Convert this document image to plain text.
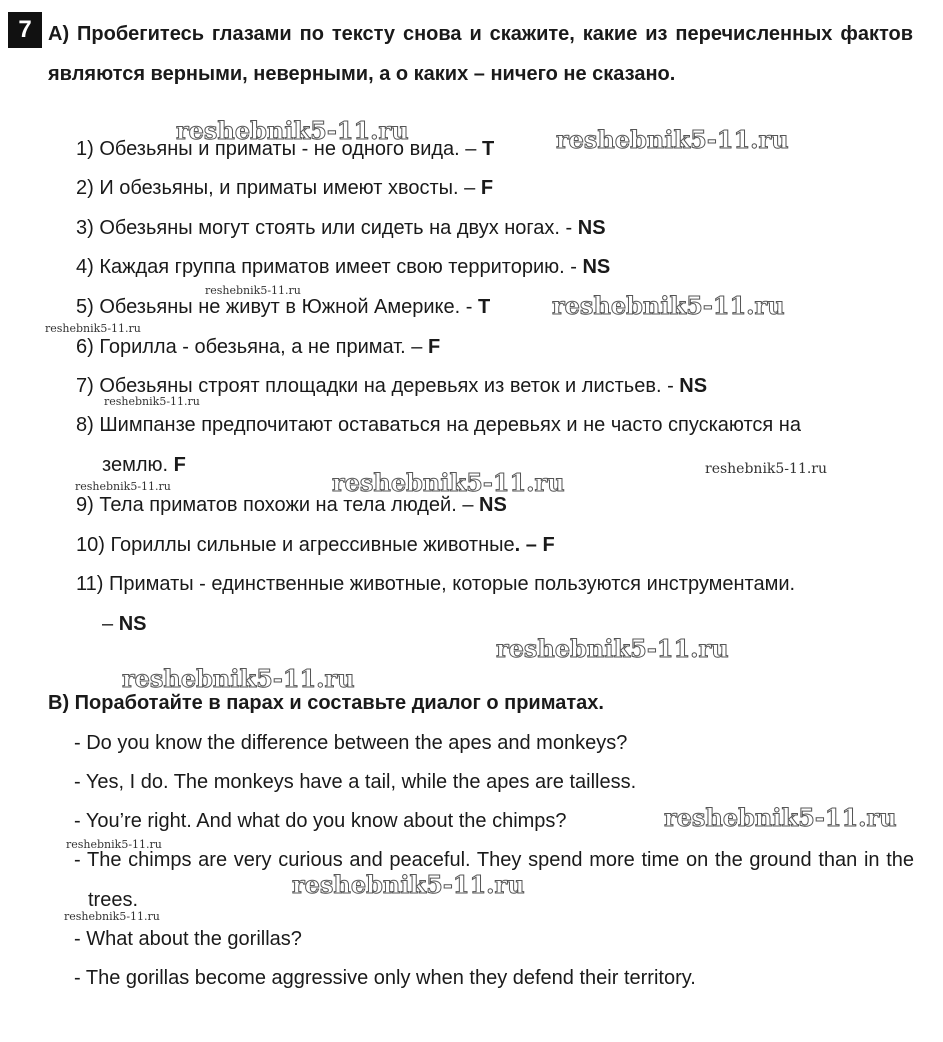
7 А) Пробегитесь глазами по тексту снова и скажите, какие из перечисленных фактов являются верными, неверными, а о каких – ничего не сказано.
1) Обезьяны и приматы - не одного вида. – T
2) И обезьяны, и приматы имеют хвосты. – F
3) Обезьяны могут стоять или сидеть на двух ногах. - NS
4) Каждая группа приматов имеет свою территорию. - NS
5) Обезьяны не живут в Южной Америке. - T
6) Горилла - обезьяна, а не примат. – F
7) Обезьяны строят площадки на деревьях из веток и листьев. - NS
8) Шимпанзе предпочитают оставаться на деревьях и не часто спускаются на
землю. F
9) Тела приматов похожи на тела людей. – NS
10) Гориллы сильные и агрессивные животные. – F
11) Приматы - единственные животные, которые пользуются инструментами.
– NS
В) Поработайте в парах и составьте диалог о приматах.
- Do you know the difference between the apes and monkeys?
- Yes, I do. The monkeys have a tail, while the apes are tailless.
- You’re right. And what do you know about the chimps?
- The chimps are very curious and peaceful. They spend more time on the ground than in the trees.
- What about the gorillas?
- The gorillas become aggressive only when they defend their territory.
reshebnik5-11.ru	reshebnik5-11.ru
reshebnik5-11.ru
reshebnik5-11.ru
reshebnik5-11.ru
reshebnik5-11.ru
reshebnik5-11.ru	reshebnik5-11.ru
reshebnik5-11.ru
reshebnik5-11.ru
reshebnik5-11.ru
reshebnik5-11.ru
reshebnik5-11.ru
reshebnik5-11.ru
reshebnik5-11.ru
